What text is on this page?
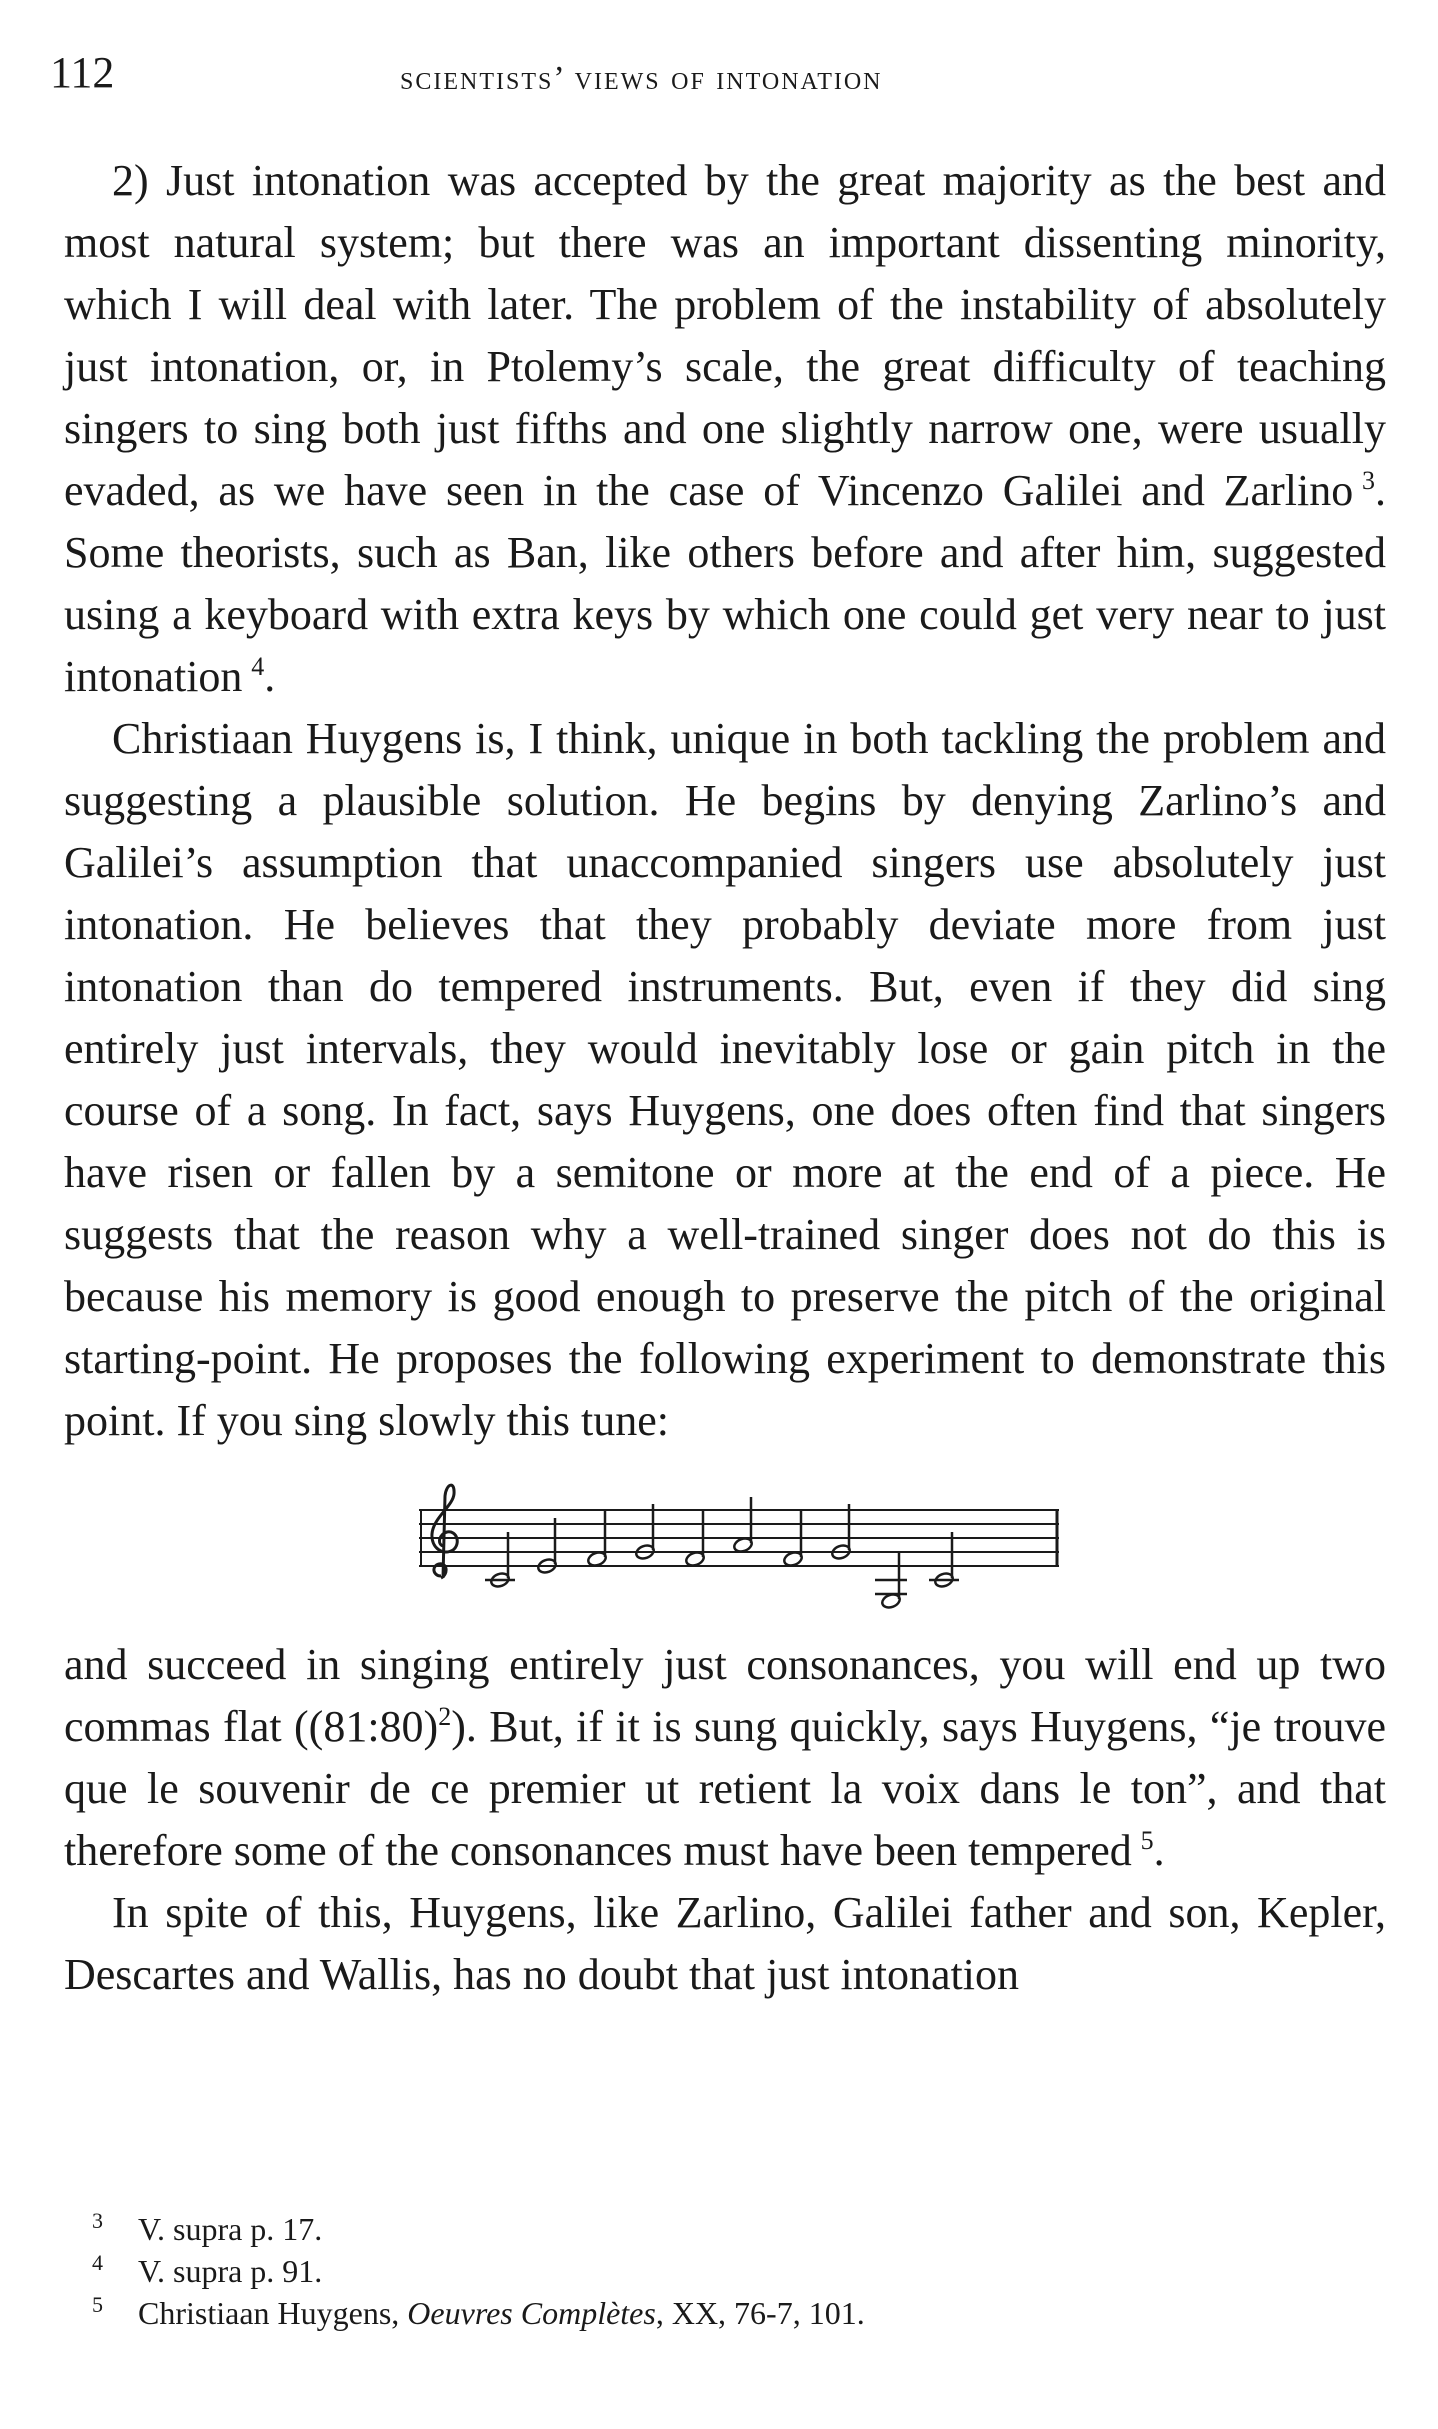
112	scientists’ views of intonation

2) Just intonation was accepted by the great majority as the best and most natural system; but there was an important dissenting minority, which I will deal with later. The problem of the instability of absolutely just intonation, or, in Ptolemy’s scale, the great difficulty of teaching singers to sing both just fifths and one slightly narrow one, were usually evaded, as we have seen in the case of Vincenzo Galilei and Zarlino  $^3$. Some theorists, such as Ban, like others before and after him, suggested using a keyboard with extra keys by which one could get very near to just intonation  $^4$.

Christiaan Huygens is, I think, unique in both tackling the problem and suggesting a plausible solution. He begins by denying Zarlino’s and Galilei’s assumption that unaccompanied singers use absolutely just intonation. He believes that they probably deviate more from just intonation than do tempered instruments. But, even if they did sing entirely just intervals, they would inevitably lose or gain pitch in the course of a song. In fact, says Huygens, one does often find that singers have risen or fallen by a semitone or more at the end of a piece. He suggests that the reason why a well-trained singer does not do this is because his memory is good enough to preserve the pitch of the original starting-point. He proposes the following experiment to demonstrate this point. If you sing slowly this tune:

and succeed in singing entirely just consonances, you will end up two commas flat ((81:80)$^2$). But, if it is sung quickly, says Huygens, “je trouve que le souvenir de ce premier ut retient la voix dans le ton”, and that therefore some of the consonances must have been tempered  $^5$.

In spite of this, Huygens, like Zarlino, Galilei father and son, Kepler, Descartes and Wallis, has no doubt that just intonation

3 V. supra p. 17.
4 V. supra p. 91.
5 Christiaan Huygens, Oeuvres Complètes, XX, 76-7, 101.
